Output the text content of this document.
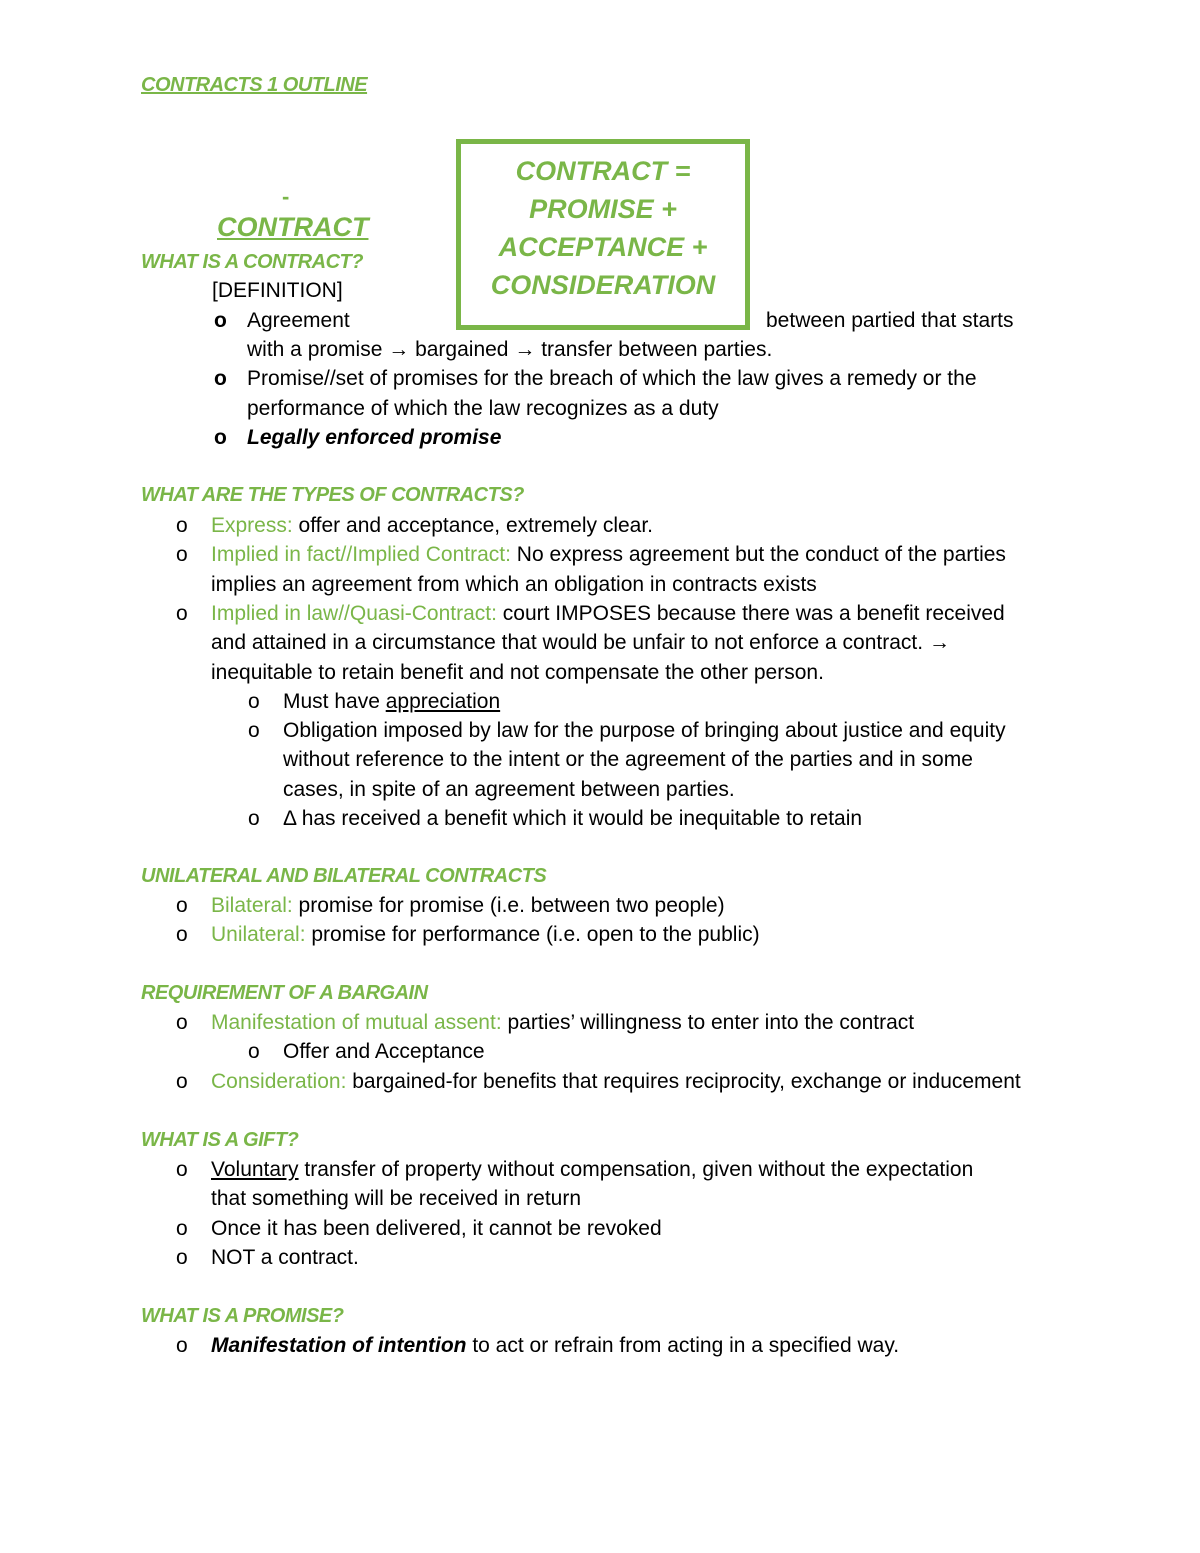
CONTRACTS 1 OUTLINE
CONTRACT =
PROMISE +
ACCEPTANCE +
CONSIDERATION
-
CONTRACT
WHAT IS A CONTRACT?
[DEFINITION]
o Agreement	between partied that starts
with a promise → bargained → transfer between parties.
o Promise//set of promises for the breach of which the law gives a remedy or the
performance of which the law recognizes as a duty
o Legally enforced promise
WHAT ARE THE TYPES OF CONTRACTS?
o Express: offer and acceptance, extremely clear.
o Implied in fact//Implied Contract: No express agreement but the conduct of the parties
implies an agreement from which an obligation in contracts exists
o Implied in law//Quasi-Contract: court IMPOSES because there was a benefit received
and attained in a circumstance that would be unfair to not enforce a contract. →
inequitable to retain benefit and not compensate the other person.
o Must have appreciation
o Obligation imposed by law for the purpose of bringing about justice and equity
without reference to the intent or the agreement of the parties and in some
cases, in spite of an agreement between parties.
o Δ has received a benefit which it would be inequitable to retain
UNILATERAL AND BILATERAL CONTRACTS
o Bilateral: promise for promise (i.e. between two people)
o Unilateral: promise for performance (i.e. open to the public)
REQUIREMENT OF A BARGAIN
o Manifestation of mutual assent: parties’ willingness to enter into the contract
o Offer and Acceptance
o Consideration: bargained-for benefits that requires reciprocity, exchange or inducement
WHAT IS A GIFT?
o Voluntary transfer of property without compensation, given without the expectation
that something will be received in return
o Once it has been delivered, it cannot be revoked
o NOT a contract.
WHAT IS A PROMISE?
o Manifestation of intention to act or refrain from acting in a specified way.
